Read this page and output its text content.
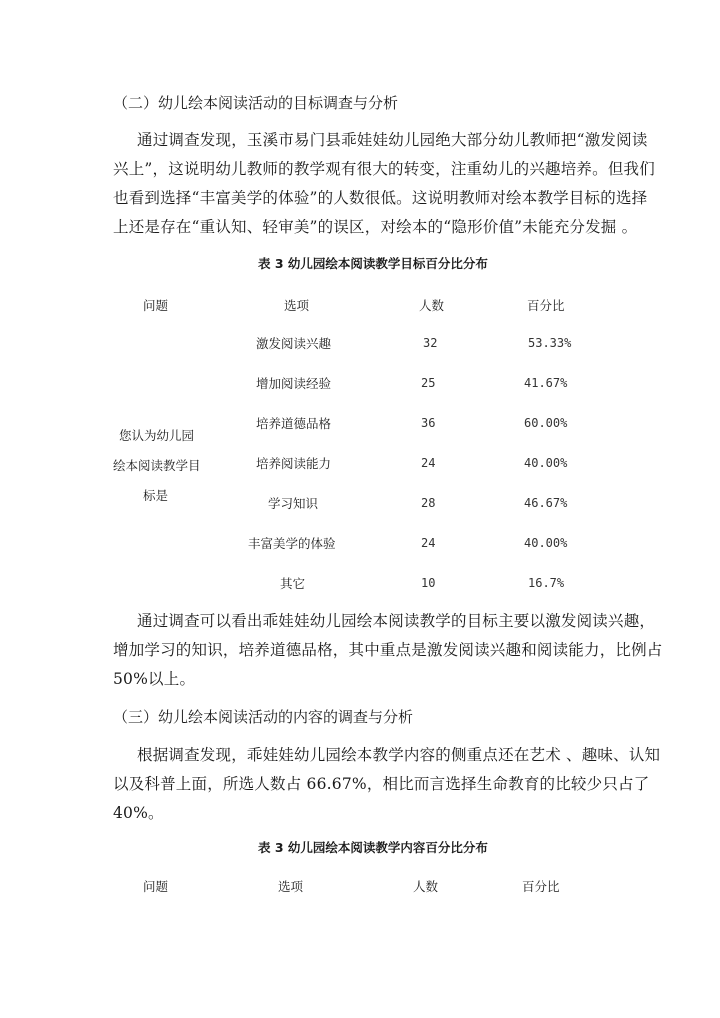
（二）幼儿绘本阅读活动的目标调查与分析
通过调查发现，玉溪市易门县乖娃娃幼儿园绝大部分幼儿教师把“激发阅读
兴上”，这说明幼儿教师的教学观有很大的转变，注重幼儿的兴趣培养。但我们
也看到选择“丰富美学的体验”的人数很低。这说明教师对绘本教学目标的选择
上还是存在“重认知、轻审美”的误区，对绘本的“隐形价值”未能充分发掘 。
表 3 幼儿园绘本阅读教学目标百分比分布
问题	选项	人数	百分比
您认为幼儿园
绘本阅读教学目
标是
激发阅读兴趣	32	53.33%
增加阅读经验	25	41.67%
培养道德品格	36	60.00%
培养阅读能力	24	40.00%
学习知识	28	46.67%
丰富美学的体验	24	40.00%
其它	10	16.7%
通过调查可以看出乖娃娃幼儿园绘本阅读教学的目标主要以激发阅读兴趣，
增加学习的知识，培养道德品格，其中重点是激发阅读兴趣和阅读能力，比例占
50%以上。
（三）幼儿绘本阅读活动的内容的调查与分析
根据调查发现，乖娃娃幼儿园绘本教学内容的侧重点还在艺术 、趣味、认知
以及科普上面，所选人数占 66.67%，相比而言选择生命教育的比较少只占了
40%。
表 3 幼儿园绘本阅读教学内容百分比分布
问题	选项	人数	百分比
